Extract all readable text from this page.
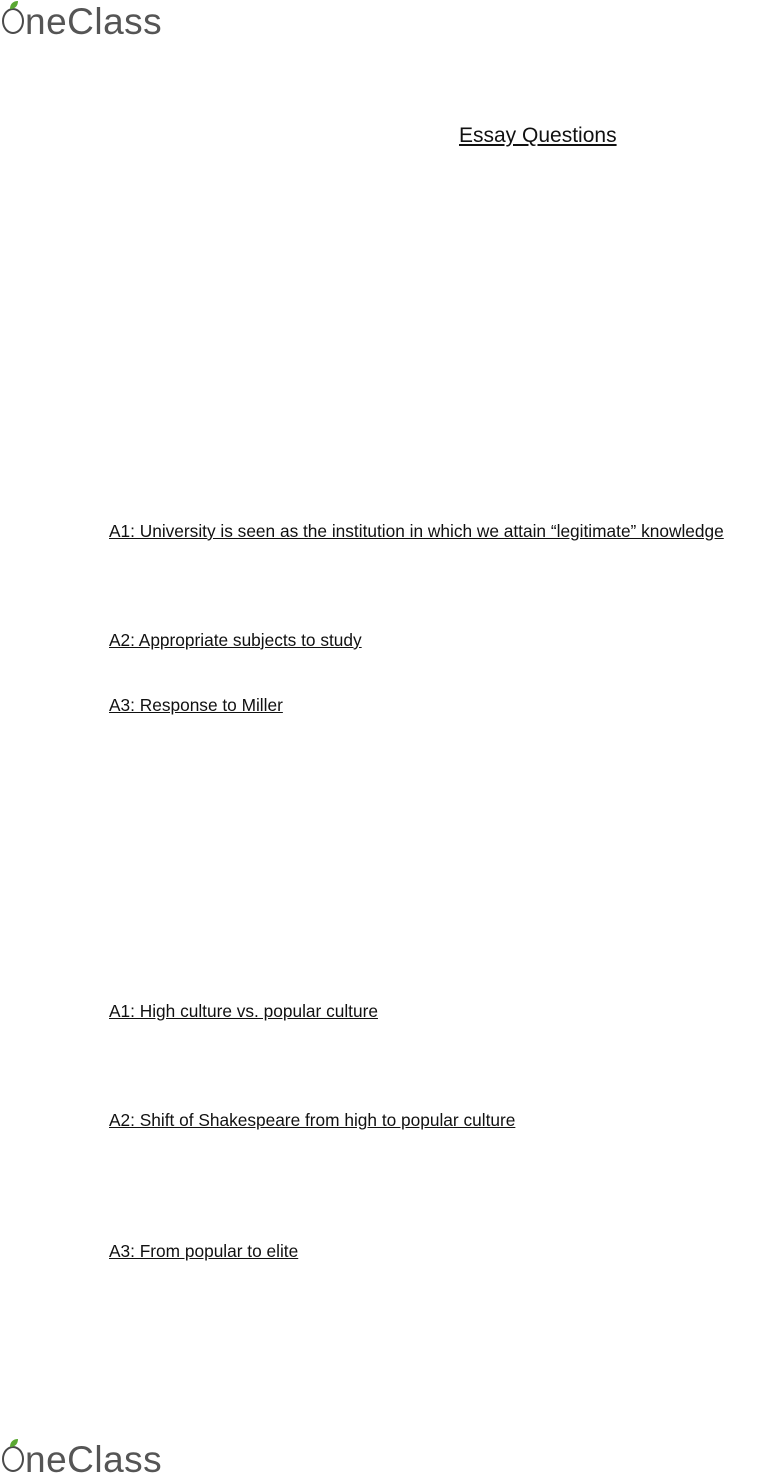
neClass
Essay Questions

A1: University is seen as the institution in which we attain “legitimate” knowledge

A2: Appropriate subjects to study

A3: Response to Miller

A1: High culture vs. popular culture

A2: Shift of Shakespeare from high to popular culture

A3: From popular to elite

neClass
